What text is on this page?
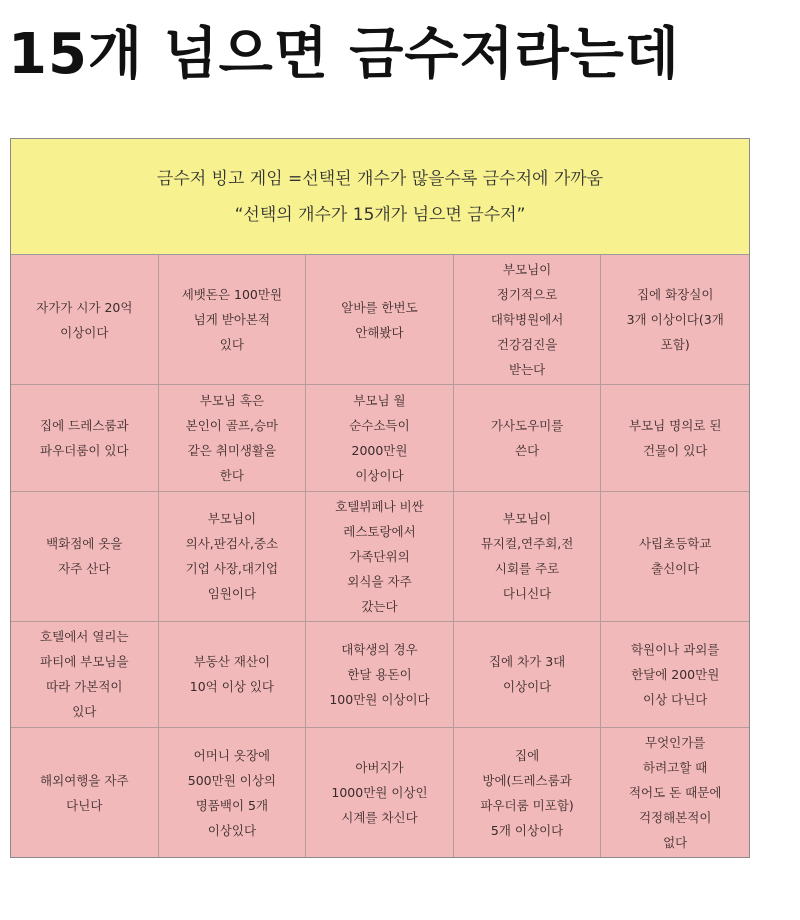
15개 넘으면 금수저라는데
금수저 빙고 게임 =선택된 개수가 많을수록 금수저에 가까움
“선택의 개수가 15개가 넘으면 금수저”
자가가 시가 20억
이상이다
세뱃돈은 100만원
넘게 받아본적
있다
알바를 한번도
안해봤다
부모님이
정기적으로
대학병원에서
건강검진을
받는다
집에 화장실이
3개 이상이다(3개
포함)
집에 드레스룸과
파우더룸이 있다
부모님 혹은
본인이 골프,승마
같은 취미생활을
한다
부모님 월
순수소득이
2000만원
이상이다
가사도우미를
쓴다
부모님 명의로 된
건물이 있다
백화점에 옷을
자주 산다
부모님이
의사,판검사,중소
기업 사장,대기업
임원이다
호텔뷔페나 비싼
레스토랑에서
가족단위의
외식을 자주
갔는다
부모님이
뮤지컬,연주회,전
시회를 주로
다니신다
사립초등학교
출신이다
호텔에서 열리는
파티에 부모님을
따라 가본적이
있다
부동산 재산이
10억 이상 있다
대학생의 경우
한달 용돈이
100만원 이상이다
집에 차가 3대
이상이다
학원이나 과외를
한달에 200만원
이상 다닌다
해외여행을 자주
다닌다
어머니 옷장에
500만원 이상의
명품백이 5개
이상있다
아버지가
1000만원 이상인
시계를 차신다
집에
방에(드레스룸과
파우더룸 미포함)
5개 이상이다
무엇인가를
하려고할 때
적어도 돈 때문에
걱정해본적이
없다
